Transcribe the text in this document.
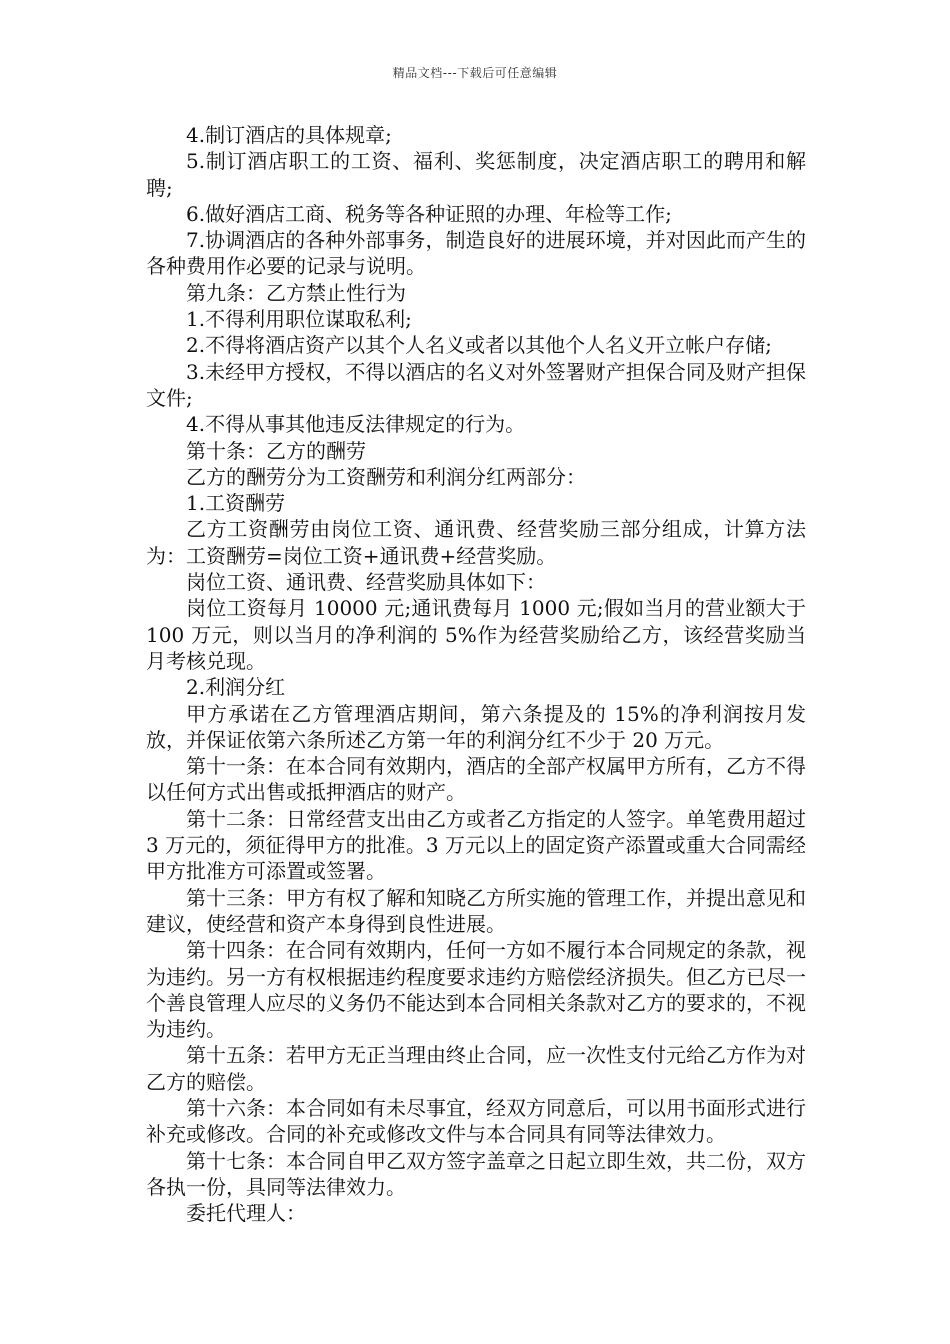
精品文档---下载后可任意编辑

4.制订酒店的具体规章;

5.制订酒店职工的工资、福利、奖惩制度，决定酒店职工的聘用和解聘;

6.做好酒店工商、税务等各种证照的办理、年检等工作;

7.协调酒店的各种外部事务，制造良好的进展环境，并对因此而产生的各种费用作必要的记录与说明。

第九条：乙方禁止性行为

1.不得利用职位谋取私利;

2.不得将酒店资产以其个人名义或者以其他个人名义开立帐户存储;

3.未经甲方授权，不得以酒店的名义对外签署财产担保合同及财产担保文件;

4.不得从事其他违反法律规定的行为。

第十条：乙方的酬劳

乙方的酬劳分为工资酬劳和利润分红两部分：

1.工资酬劳

乙方工资酬劳由岗位工资、通讯费、经营奖励三部分组成，计算方法为：工资酬劳=岗位工资+通讯费+经营奖励。

岗位工资、通讯费、经营奖励具体如下：

岗位工资每月 10000 元;通讯费每月 1000 元;假如当月的营业额大于 100 万元，则以当月的净利润的 5%作为经营奖励给乙方，该经营奖励当月考核兑现。

2.利润分红

甲方承诺在乙方管理酒店期间，第六条提及的 15%的净利润按月发放，并保证依第六条所述乙方第一年的利润分红不少于 20 万元。

第十一条：在本合同有效期内，酒店的全部产权属甲方所有，乙方不得以任何方式出售或抵押酒店的财产。

第十二条：日常经营支出由乙方或者乙方指定的人签字。单笔费用超过 3 万元的，须征得甲方的批准。3 万元以上的固定资产添置或重大合同需经甲方批准方可添置或签署。

第十三条：甲方有权了解和知晓乙方所实施的管理工作，并提出意见和建议，使经营和资产本身得到良性进展。

第十四条：在合同有效期内，任何一方如不履行本合同规定的条款，视为违约。另一方有权根据违约程度要求违约方赔偿经济损失。但乙方已尽一个善良管理人应尽的义务仍不能达到本合同相关条款对乙方的要求的，不视为违约。

第十五条：若甲方无正当理由终止合同，应一次性支付元给乙方作为对乙方的赔偿。

第十六条：本合同如有未尽事宜，经双方同意后，可以用书面形式进行补充或修改。合同的补充或修改文件与本合同具有同等法律效力。

第十七条：本合同自甲乙双方签字盖章之日起立即生效，共二份，双方各执一份，具同等法律效力。

委托代理人：
